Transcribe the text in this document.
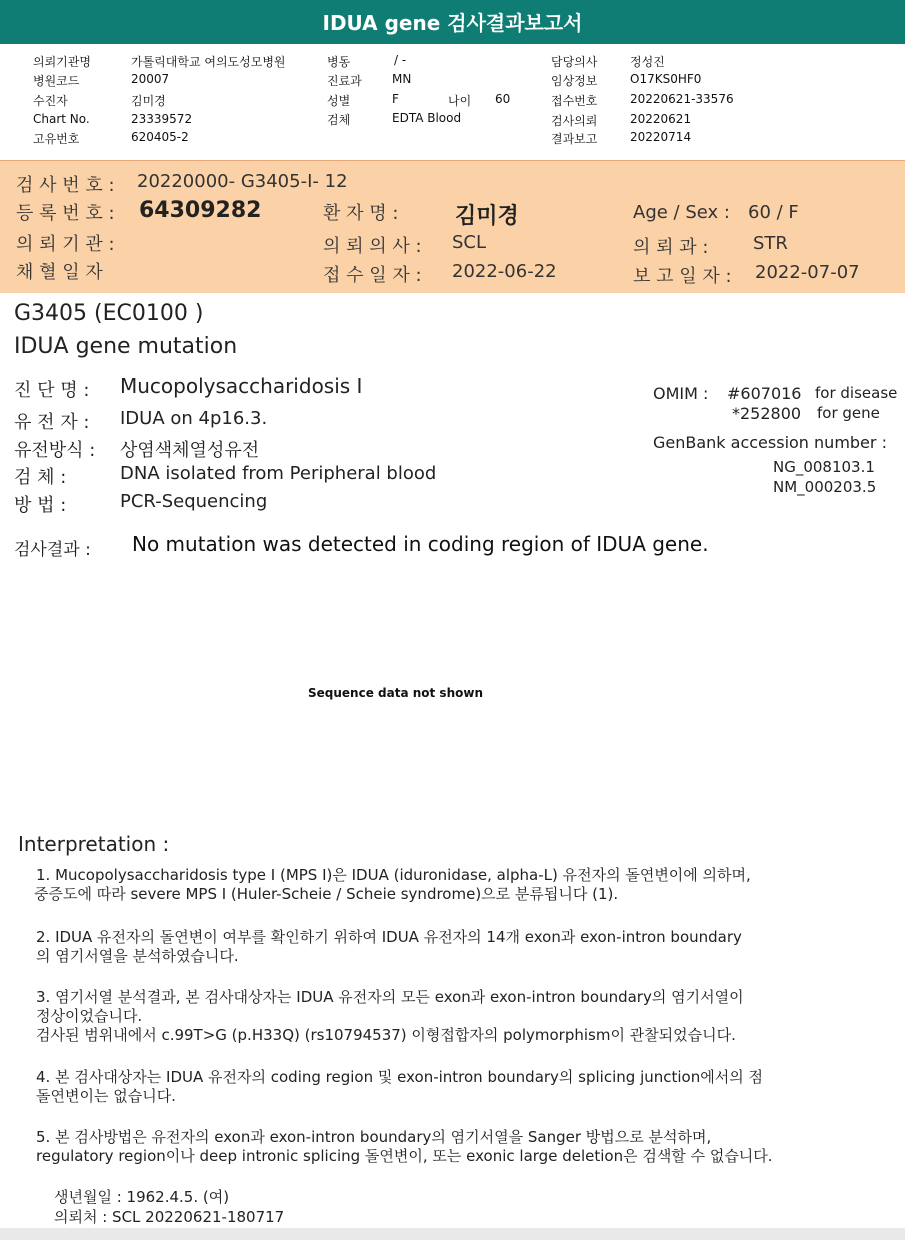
IDUA gene 검사결과보고서
의뢰기관명	가톨릭대학교 여의도성모병원
병원코드	20007
수진자	김미경
Chart No.	23339572
고유번호	620405-2
병동	/ -
진료과	MN
성별	F	나이 60
검체	EDTA Blood
담당의사	정성진
임상정보	O17KS0HF0
접수번호	20220621-33576
검사의뢰	20220621
결과보고	20220714
검 사 번 호 : 20220000- G3405-I- 12
등 록 번 호 : 64309282	환 자 명 :	김미경	Age / Sex : 60 / F
의 뢰 기 관 :	의 뢰 의 사 : SCL	의 뢰 과 : STR
채 혈 일 자	접 수 일 자 : 2022-06-22	보 고 일 자 : 2022-07-07
G3405 (EC0100 )
IDUA gene mutation
진 단 명 : Mucopolysaccharidosis I
유 전 자 : IDUA on 4p16.3.
유전방식 : 상염색체열성유전
검 체 :	DNA isolated from Peripheral blood
방 법 :	PCR-Sequencing
OMIM : #607016 for disease
*252800 for gene
GenBank accession number :
NG_008103.1
NM_000203.5
검사결과 : No mutation was detected in coding region of IDUA gene.
Sequence data not shown
Interpretation :
1. Mucopolysaccharidosis type I (MPS I)은 IDUA (iduronidase, alpha-L) 유전자의 돌연변이에 의하며,
중증도에 따라 severe MPS I (Huler-Scheie / Scheie syndrome)으로 분류됩니다 (1).
2. IDUA 유전자의 돌연변이 여부를 확인하기 위하여 IDUA 유전자의 14개 exon과 exon-intron boundary
의 염기서열을 분석하였습니다.
3. 염기서열 분석결과, 본 검사대상자는 IDUA 유전자의 모든 exon과 exon-intron boundary의 염기서열이
정상이었습니다.
검사된 범위내에서 c.99T>G (p.H33Q) (rs10794537) 이형접합자의 polymorphism이 관찰되었습니다.
4. 본 검사대상자는 IDUA 유전자의 coding region 및 exon-intron boundary의 splicing junction에서의 점
돌연변이는 없습니다.
5. 본 검사방법은 유전자의 exon과 exon-intron boundary의 염기서열을 Sanger 방법으로 분석하며,
regulatory region이나 deep intronic splicing 돌연변이, 또는 exonic large deletion은 검색할 수 없습니다.
생년월일 : 1962.4.5. (여)
의뢰처 : SCL 20220621-180717
